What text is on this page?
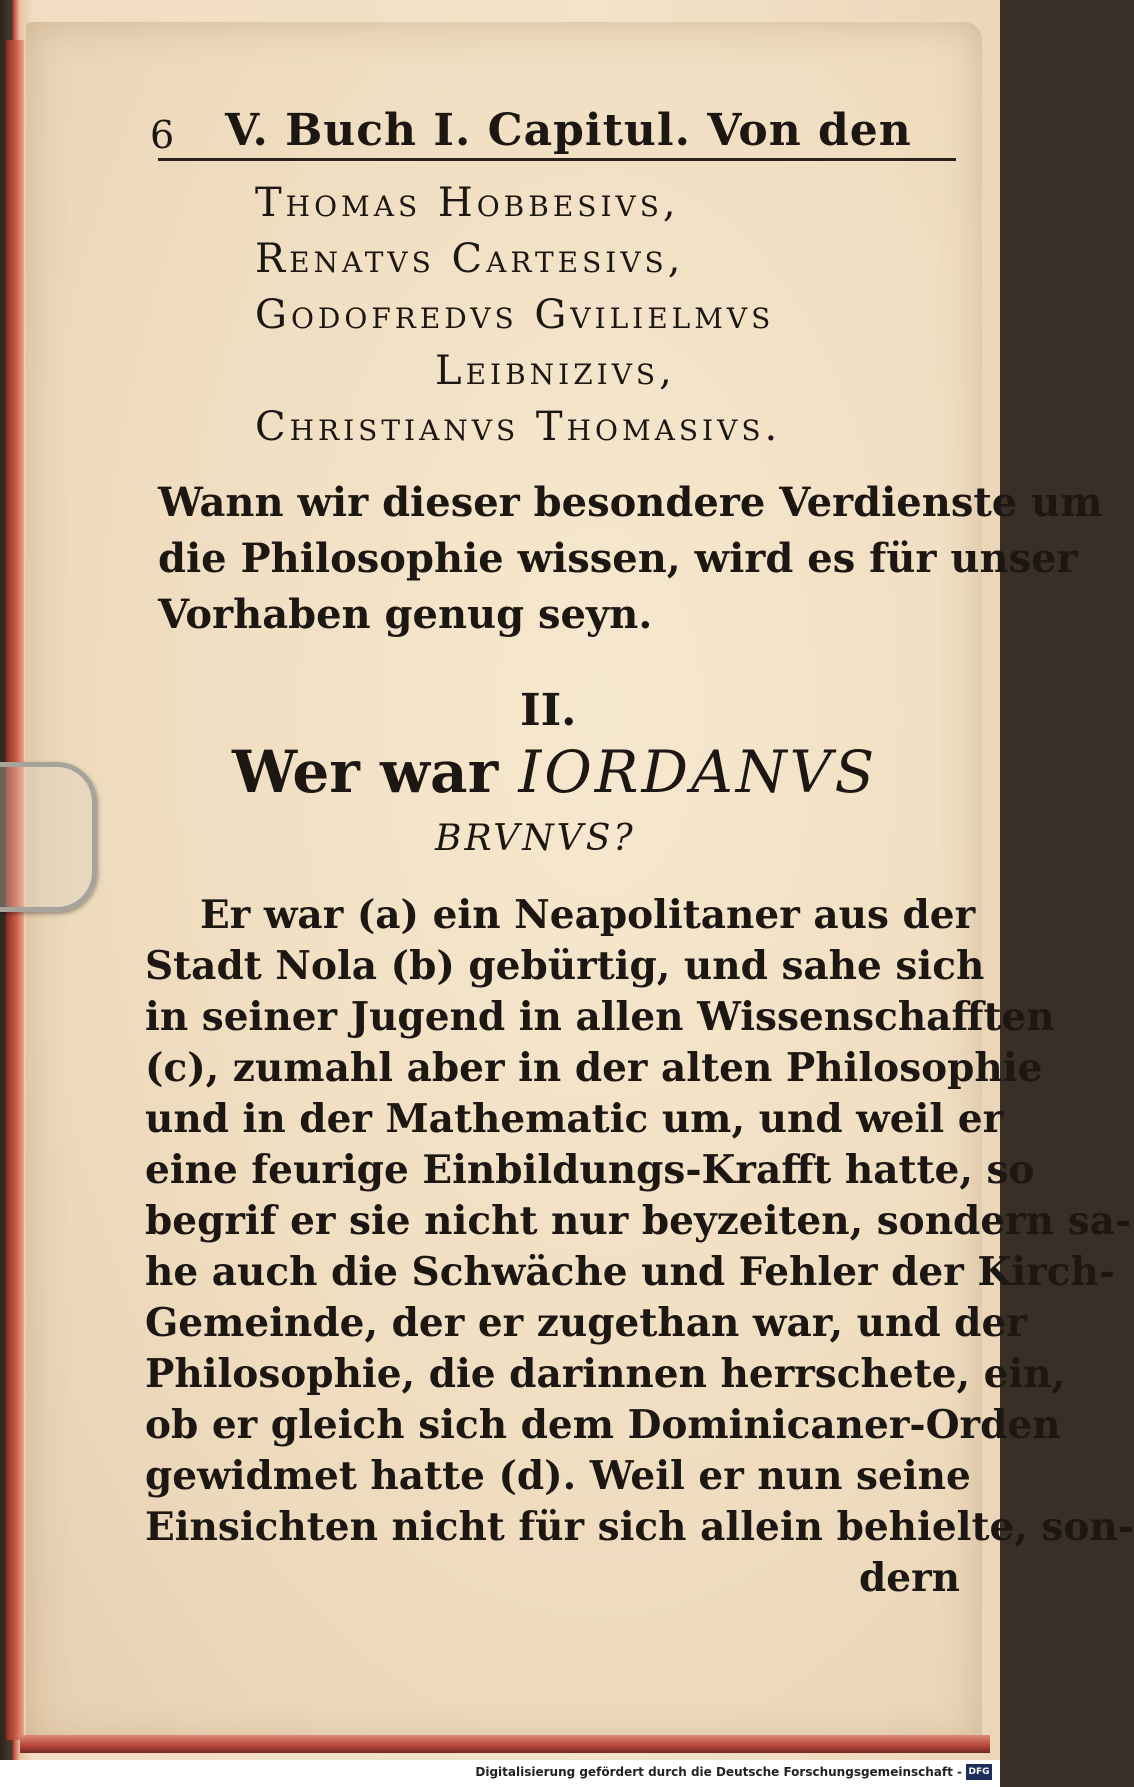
6 V. Buch I. Capitul. Von den
Thomas Hobbesivs,
Renatvs Cartesivs,
Godofredvs Gvilielmvs
Leibnizivs,
Christianvs Thomasivs.
Wann wir dieser besondere Verdienste um
die Philosophie wissen, wird es für unser
Vorhaben genug seyn.
II.
Wer war IORDANVS
BRVNVS?
Er war (a) ein Neapolitaner aus der
Stadt Nola (b) gebürtig, und sahe sich
in seiner Jugend in allen Wissenschafften
(c), zumahl aber in der alten Philosophie
und in der Mathematic um, und weil er
eine feurige Einbildungs-Krafft hatte, so
begrif er sie nicht nur beyzeiten, sondern sa-
he auch die Schwäche und Fehler der Kirch-
Gemeinde, der er zugethan war, und der
Philosophie, die darinnen herrschete, ein,
ob er gleich sich dem Dominicaner-Orden
gewidmet hatte (d). Weil er nun seine
Einsichten nicht für sich allein behielte, son-
dern
Digitalisierung gefördert durch die Deutsche Forschungsgemeinschaft - DFG
